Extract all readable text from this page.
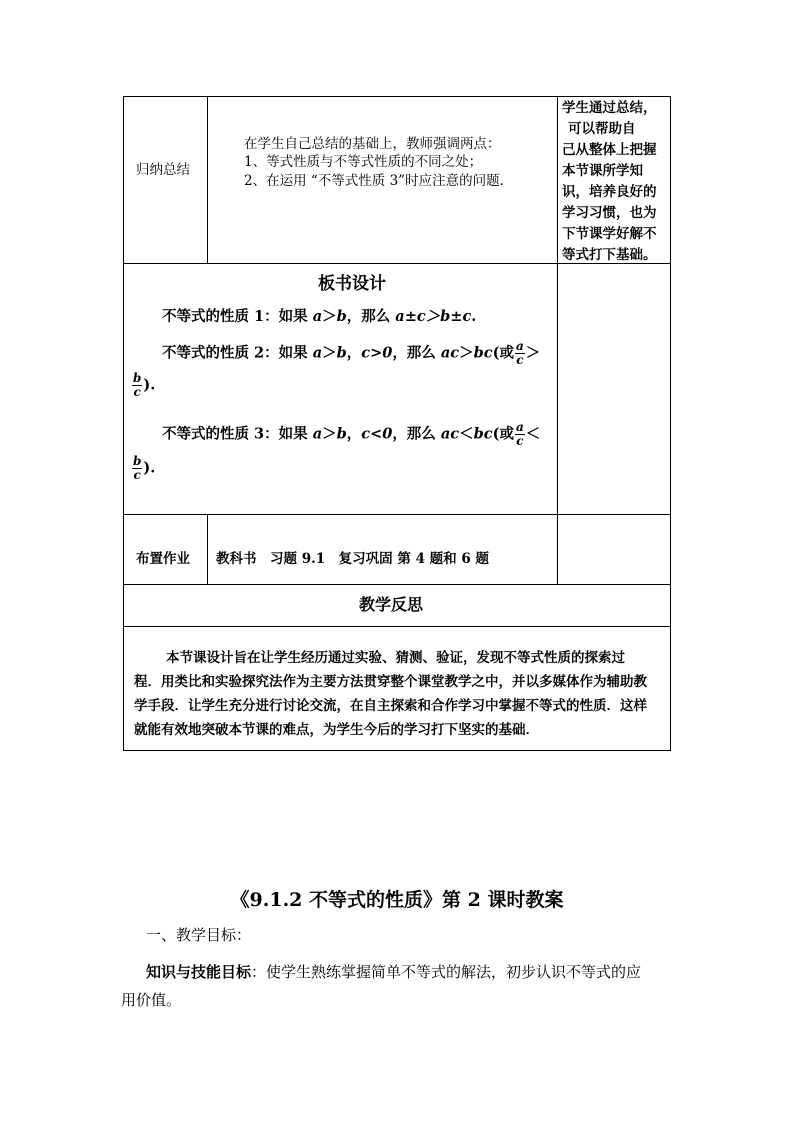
归纳总结
在学生自己总结的基础上，教师强调两点：
1、等式性质与不等式性质的不同之处；
2、在运用 “不等式性质 3”时应注意的问题．
学生通过总结，
可以帮助自
己从整体上把握
本节课所学知
识，培养良好的
学习习惯，也为
下节课学好解不
等式打下基础。
板书设计
不等式的性质 1：如果 a＞b，那么 a±c＞b±c.
不等式的性质 2：如果 a＞b，c>0，那么 ac＞bc(或 $\frac{a}{c}$ ＞
$\frac{b}{c}$ ).
不等式的性质 3：如果 a＞b，c<0，那么 ac＜bc(或 $\frac{a}{c}$ ＜
$\frac{b}{c}$ ).
布置作业 教科书　习题 9.1　复习巩固 第 4 题和 6 题
教学反思
本节课设计旨在让学生经历通过实验、猜测、验证，发现不等式性质的探索过
程．用类比和实验探究法作为主要方法贯穿整个课堂教学之中，并以多媒体作为辅助教
学手段．让学生充分进行讨论交流，在自主探索和合作学习中掌握不等式的性质．这样
就能有效地突破本节课的难点，为学生今后的学习打下坚实的基础．
《9.1.2 不等式的性质》第 2 课时教案
一、教学目标：
知识与技能目标：使学生熟练掌握简单不等式的解法，初步认识不等式的应
用价值。
